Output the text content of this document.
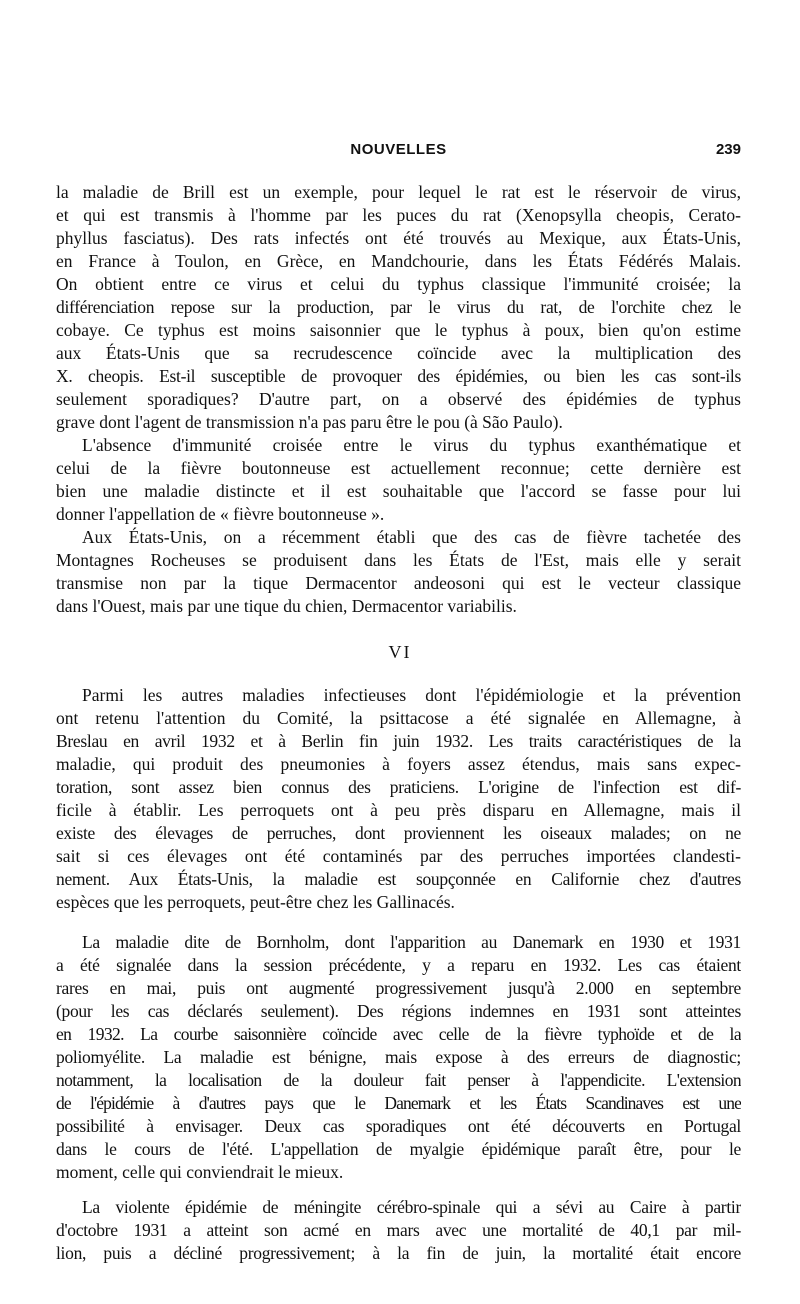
NOUVELLES	239
la maladie de Brill est un exemple, pour lequel le rat est le réservoir de virus,
et qui est transmis à l'homme par les puces du rat (Xenopsylla cheopis, Cerato-
phyllus fasciatus). Des rats infectés ont été trouvés au Mexique, aux États-Unis,
en France à Toulon, en Grèce, en Mandchourie, dans les États Fédérés Malais.
On obtient entre ce virus et celui du typhus classique l'immunité croisée; la
différenciation repose sur la production, par le virus du rat, de l'orchite chez le
cobaye. Ce typhus est moins saisonnier que le typhus à poux, bien qu'on estime
aux États-Unis que sa recrudescence coïncide avec la multiplication des
X. cheopis. Est-il susceptible de provoquer des épidémies, ou bien les cas sont-ils
seulement sporadiques? D'autre part, on a observé des épidémies de typhus
grave dont l'agent de transmission n'a pas paru être le pou (à São Paulo).
L'absence d'immunité croisée entre le virus du typhus exanthématique et
celui de la fièvre boutonneuse est actuellement reconnue; cette dernière est
bien une maladie distincte et il est souhaitable que l'accord se fasse pour lui
donner l'appellation de « fièvre boutonneuse ».
Aux États-Unis, on a récemment établi que des cas de fièvre tachetée des
Montagnes Rocheuses se produisent dans les États de l'Est, mais elle y serait
transmise non par la tique Dermacentor andeosoni qui est le vecteur classique
dans l'Ouest, mais par une tique du chien, Dermacentor variabilis.
VI
Parmi les autres maladies infectieuses dont l'épidémiologie et la prévention
ont retenu l'attention du Comité, la psittacose a été signalée en Allemagne, à
Breslau en avril 1932 et à Berlin fin juin 1932. Les traits caractéristiques de la
maladie, qui produit des pneumonies à foyers assez étendus, mais sans expec-
toration, sont assez bien connus des praticiens. L'origine de l'infection est dif-
ficile à établir. Les perroquets ont à peu près disparu en Allemagne, mais il
existe des élevages de perruches, dont proviennent les oiseaux malades; on ne
sait si ces élevages ont été contaminés par des perruches importées clandesti-
nement. Aux États-Unis, la maladie est soupçonnée en Californie chez d'autres
espèces que les perroquets, peut-être chez les Gallinacés.
La maladie dite de Bornholm, dont l'apparition au Danemark en 1930 et 1931
a été signalée dans la session précédente, y a reparu en 1932. Les cas étaient
rares en mai, puis ont augmenté progressivement jusqu'à 2.000 en septembre
(pour les cas déclarés seulement). Des régions indemnes en 1931 sont atteintes
en 1932. La courbe saisonnière coïncide avec celle de la fièvre typhoïde et de la
poliomyélite. La maladie est bénigne, mais expose à des erreurs de diagnostic;
notamment, la localisation de la douleur fait penser à l'appendicite. L'extension
de l'épidémie à d'autres pays que le Danemark et les États Scandinaves est une
possibilité à envisager. Deux cas sporadiques ont été découverts en Portugal
dans le cours de l'été. L'appellation de myalgie épidémique paraît être, pour le
moment, celle qui conviendrait le mieux.
La violente épidémie de méningite cérébro-spinale qui a sévi au Caire à partir
d'octobre 1931 a atteint son acmé en mars avec une mortalité de 40,1 par mil-
lion, puis a décliné progressivement; à la fin de juin, la mortalité était encore
